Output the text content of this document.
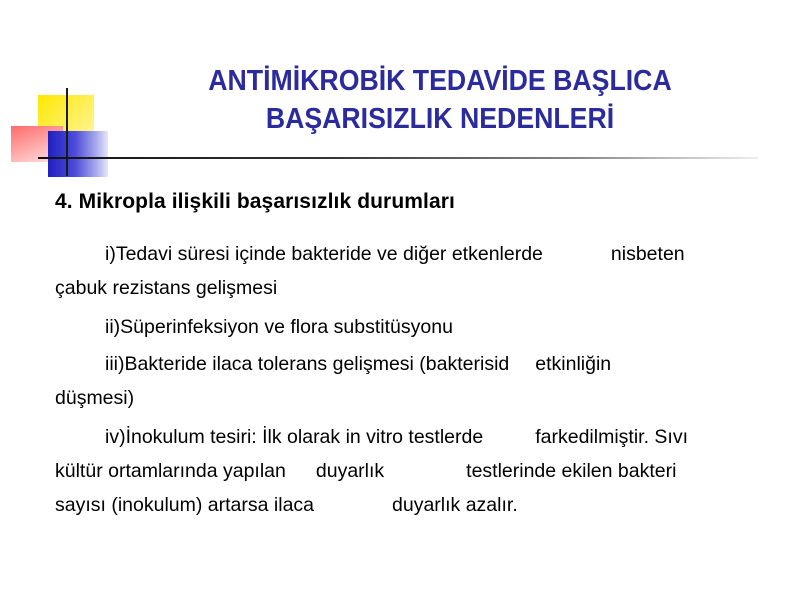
ANTİMİKROBİK TEDAVİDE BAŞLICA
BAŞARISIZLIK NEDENLERİ
4. Mikropla ilişkili başarısızlık durumları
i)Tedavi süresi içinde bakteride ve diğer etkenlerde	nisbeten
çabuk rezistans gelişmesi
ii)Süperinfeksiyon ve flora substitüsyonu
iii)Bakteride ilaca tolerans gelişmesi (bakterisid etkinliğin
düşmesi)
iv)İnokulum tesiri: İlk olarak in vitro testlerde	farkedilmiştir. Sıvı
kültür ortamlarında yapılan duyarlık	testlerinde ekilen bakteri
sayısı (inokulum) artarsa ilaca	duyarlık azalır.
